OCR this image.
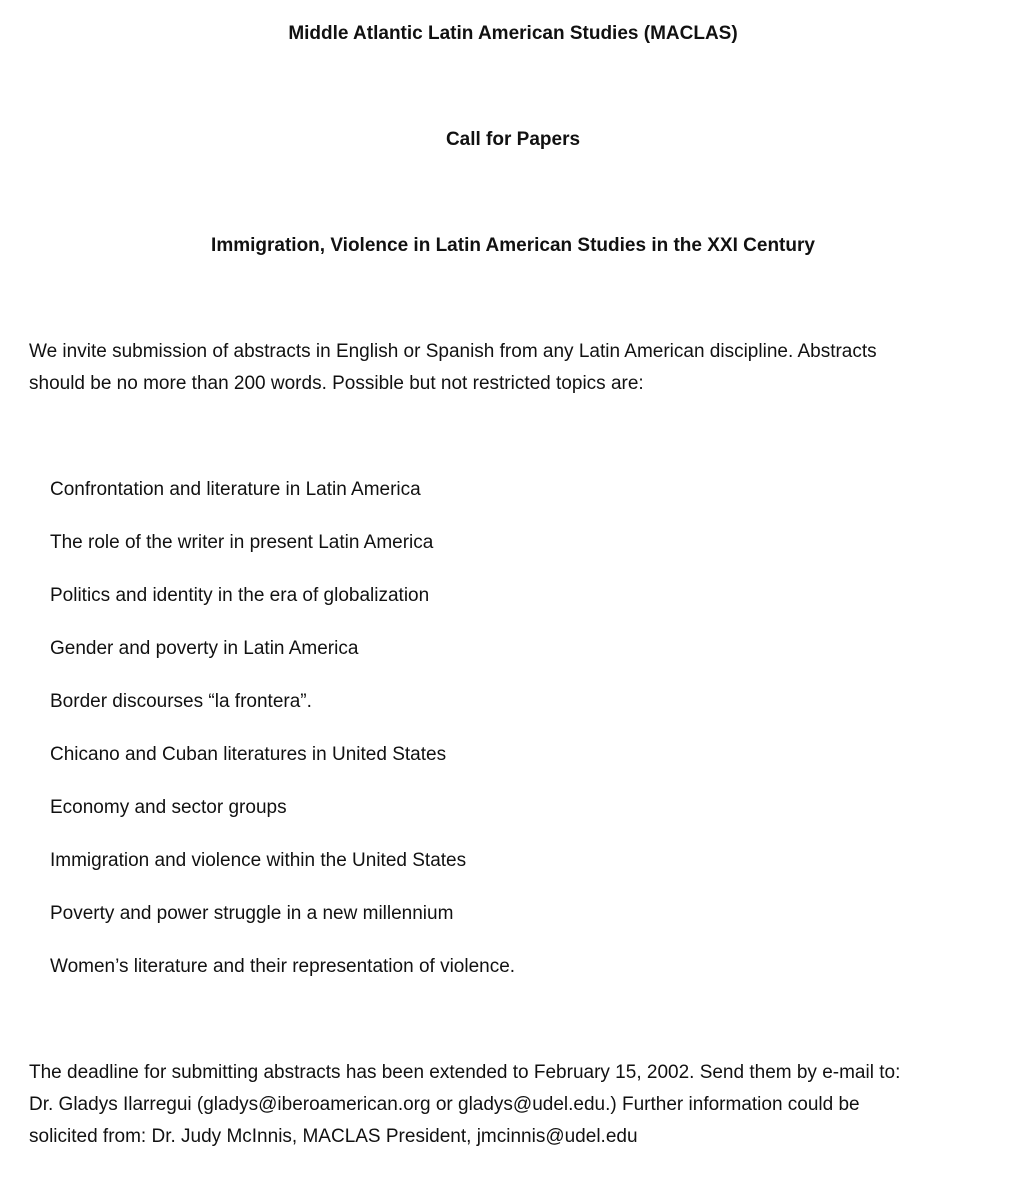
Middle Atlantic Latin American Studies (MACLAS)
Call for Papers
Immigration, Violence in Latin American Studies in the XXI Century

We invite submission of abstracts in English or Spanish from any Latin American discipline. Abstracts

should be no more than 200 words. Possible but not restricted topics are:

Confrontation and literature in Latin America
The role of the writer in present Latin America
Politics and identity in the era of globalization
Gender and poverty in Latin America
Border discourses “la frontera”.
Chicano and Cuban literatures in United States
Economy and sector groups
Immigration and violence within the United States
Poverty and power struggle in a new millennium
Women’s literature and their representation of violence.

The deadline for submitting abstracts has been extended to February 15, 2002. Send them by e-mail to:

Dr. Gladys Ilarregui (gladys@iberoamerican.org or gladys@udel.edu.) Further information could be

solicited from: Dr. Judy McInnis, MACLAS President, jmcinnis@udel.edu
